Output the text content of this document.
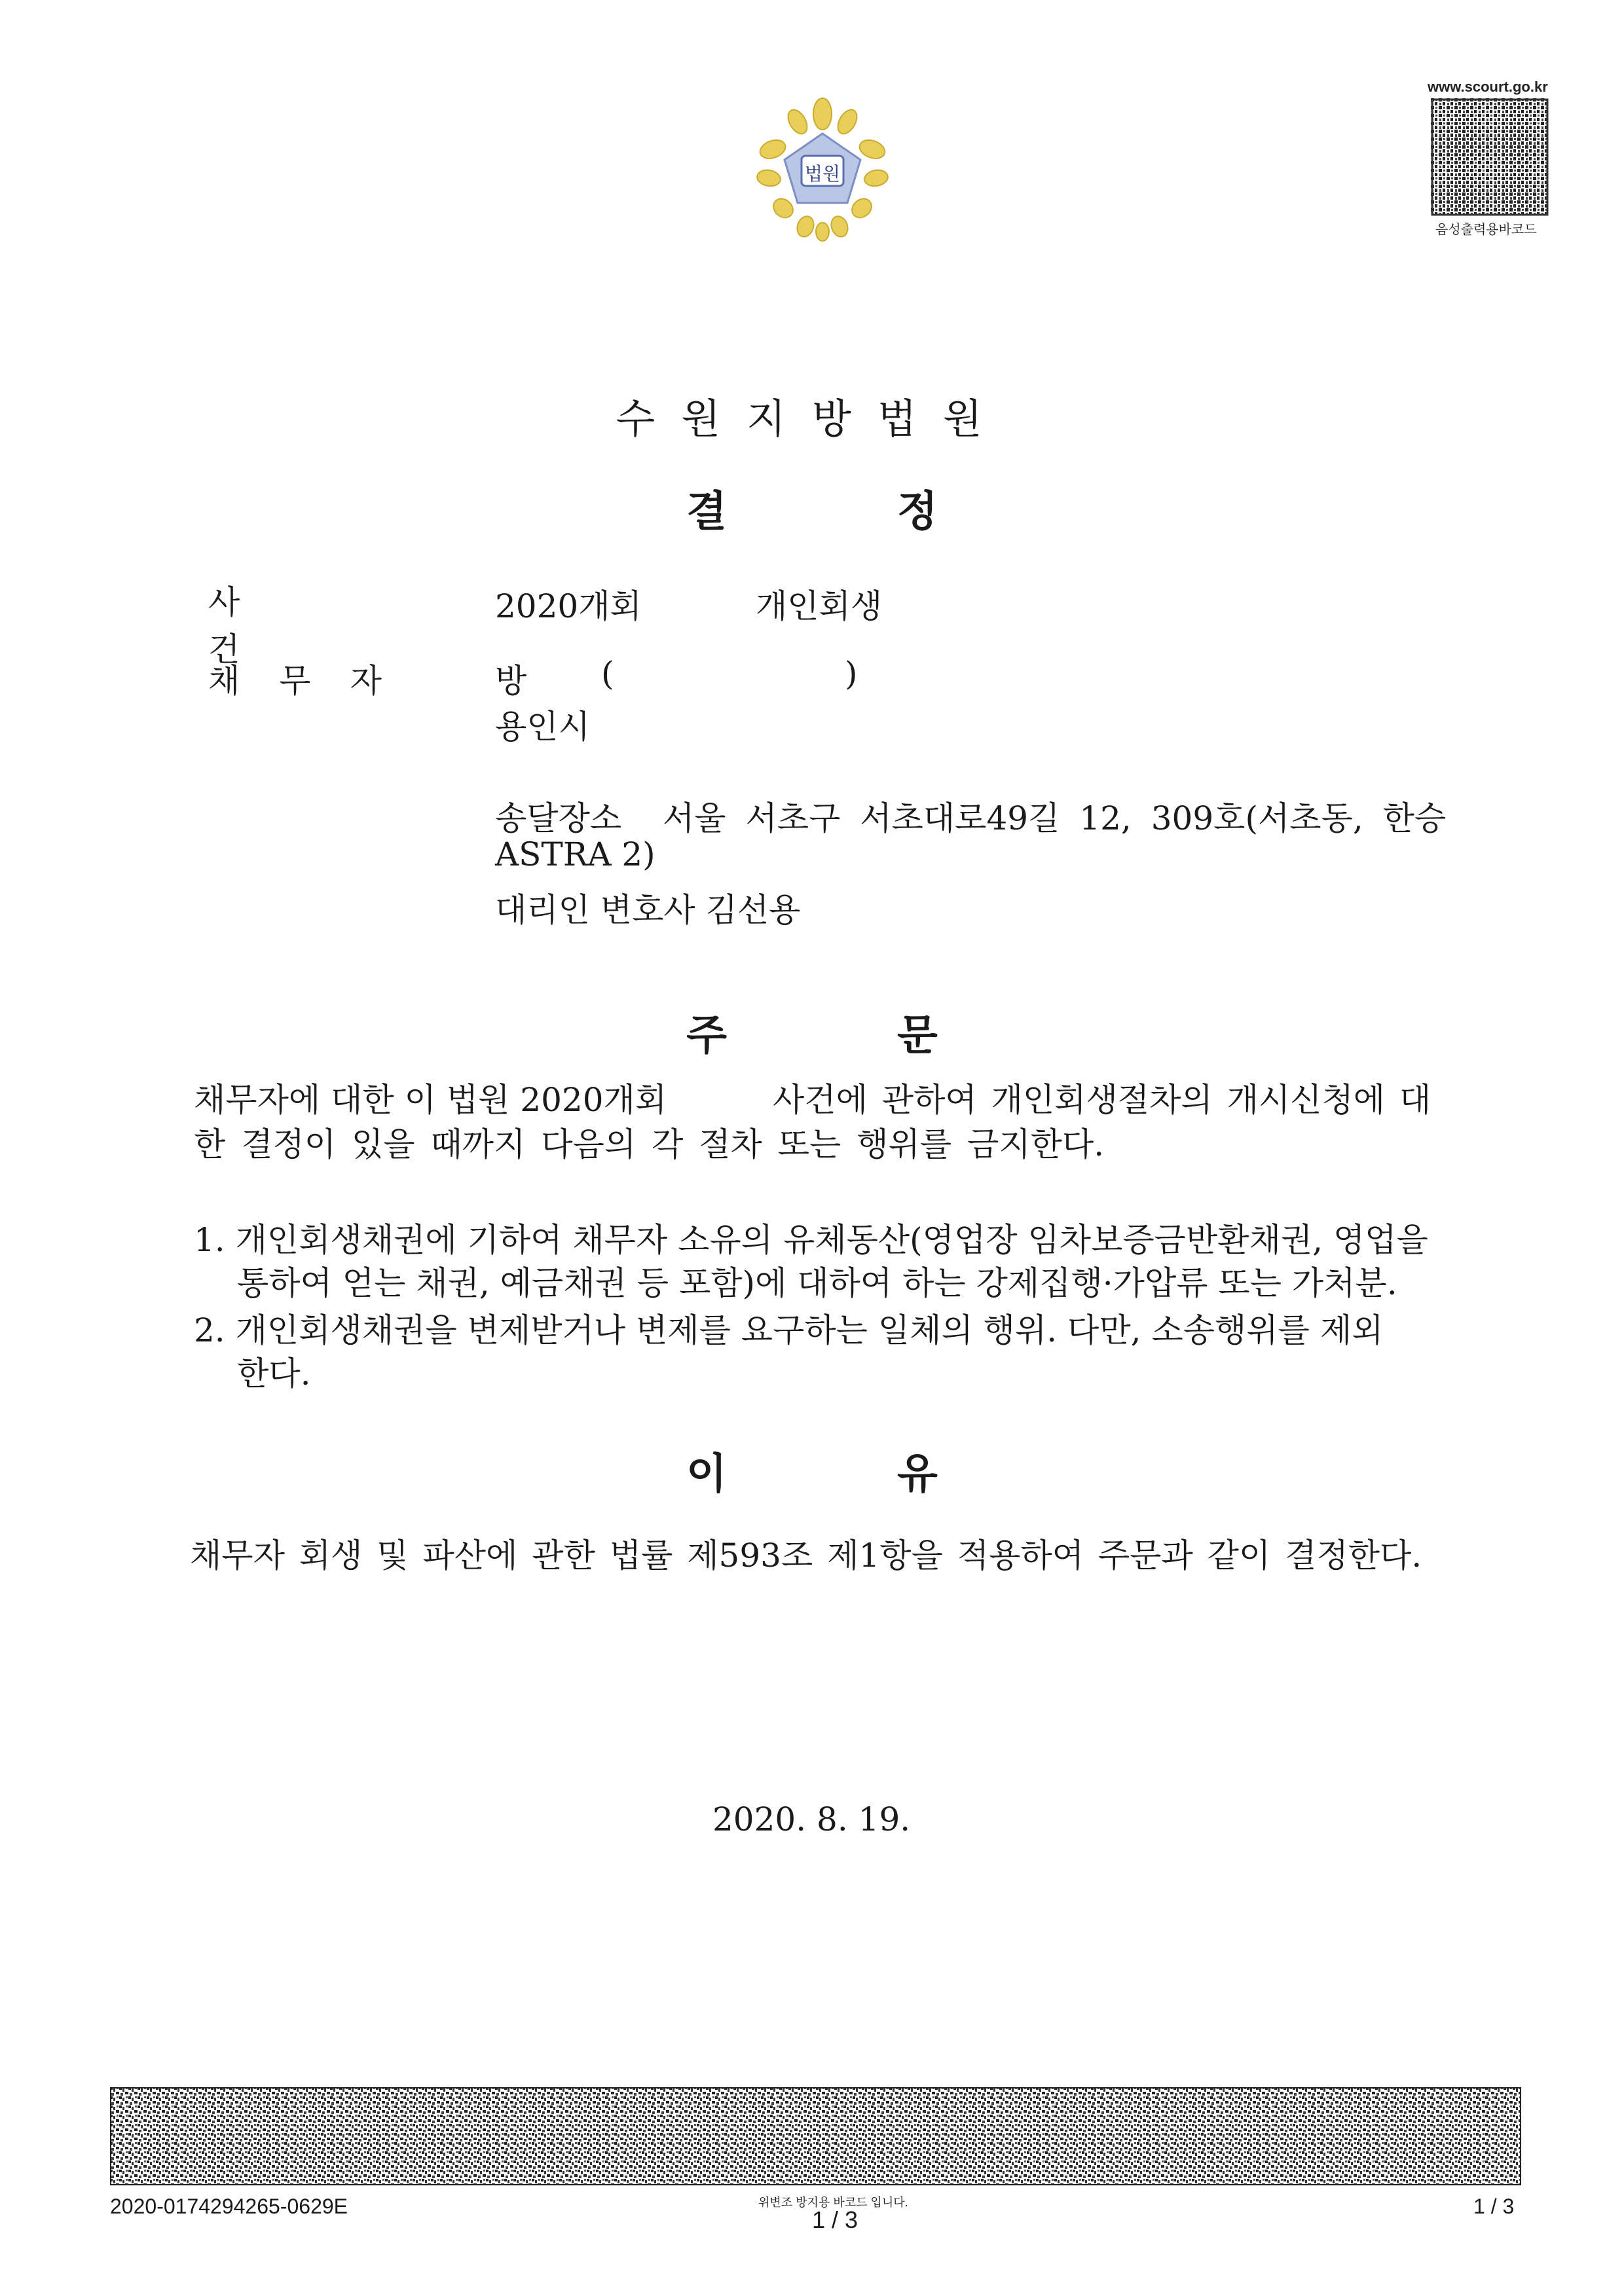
법원
www.scourt.go.kr
음성출력용바코드
수원지방법원
결정
사건
2020개회	개인회생
채무자 방 (	)
용인시
송달장소 서울 서초구 서초대로49길 12, 309호(서초동, 한승
ASTRA 2)
대리인 변호사 김선용
주문
채무자에 대한 이 법원 2020개회	사건에 관하여 개인회생절차의 개시신청에 대
한 결정이 있을 때까지 다음의 각 절차 또는 행위를 금지한다.
1. 개인회생채권에 기하여 채무자 소유의 유체동산(영업장 임차보증금반환채권, 영업을
통하여 얻는 채권, 예금채권 등 포함)에 대하여 하는 강제집행·가압류 또는 가처분.
2. 개인회생채권을 변제받거나 변제를 요구하는 일체의 행위. 다만, 소송행위를 제외
한다.
이유
채무자 회생 및 파산에 관한 법률 제593조 제1항을 적용하여 주문과 같이 결정한다.
2020. 8. 19.
2020-0174294265-0629E	위변조 방지용 바코드 입니다.
1 / 3	1 / 3
